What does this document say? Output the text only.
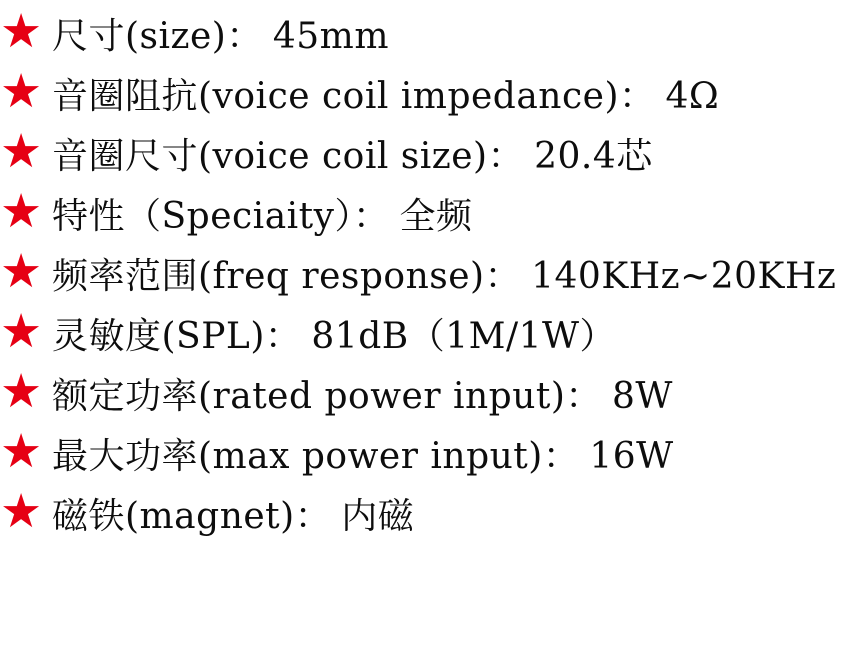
★ 尺寸(size)： 45mm
★ 音圈阻抗(voice coil impedance)： 4Ω
★ 音圈尺寸(voice coil size)： 20.4芯
★ 特性（Speciaity）： 全频
★ 频率范围(freq response)： 140KHz~20KHz
★ 灵敏度(SPL)： 81dB（1M/1W）
★ 额定功率(rated power input)： 8W
★ 最大功率(max power input)： 16W
★ 磁铁(magnet)： 内磁
